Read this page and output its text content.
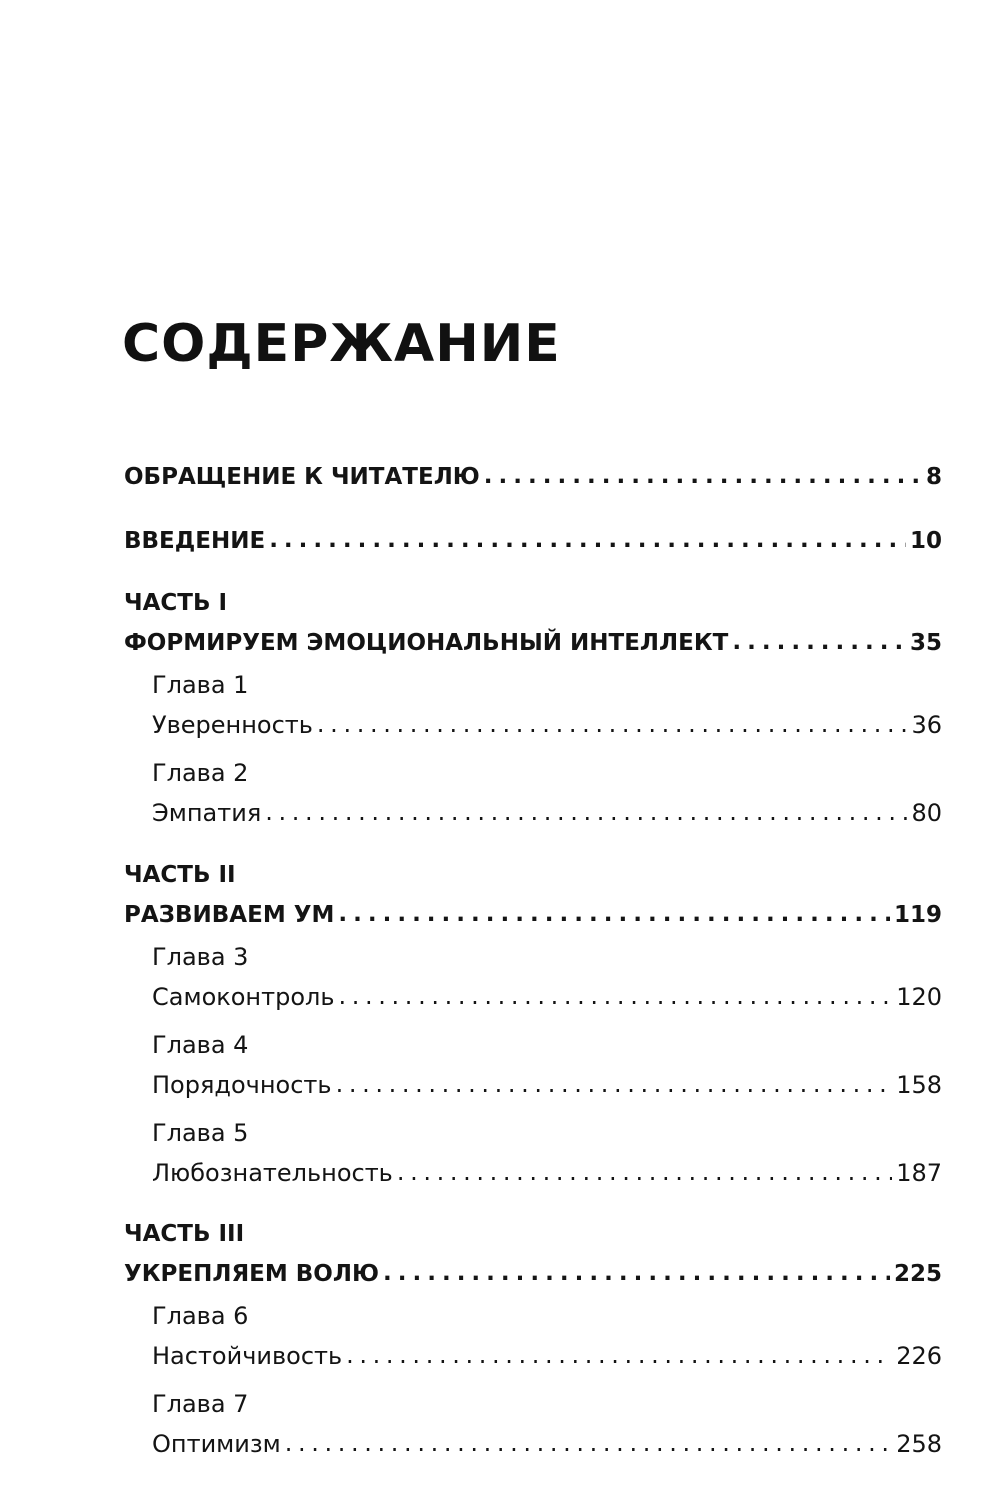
СОДЕРЖАНИЕ
ОБРАЩЕНИЕ К ЧИТАТЕЛЮ . . .	8
ВВЕДЕНИЕ . . .	10
ЧАСТЬ I
ФОРМИРУЕМ ЭМОЦИОНАЛЬНЫЙ ИНТЕЛЛЕКТ . . .	35
Глава 1
Уверенность . . .	36
Глава 2
Эмпатия . . .	80
ЧАСТЬ II
РАЗВИВАЕМ УМ . . .	119
Глава 3
Самоконтроль . . .	120
Глава 4
Порядочность . . .	158
Глава 5
Любознательность . . .	187
ЧАСТЬ III
УКРЕПЛЯЕМ ВОЛЮ . . .	225
Глава 6
Настойчивость . . .	226
Глава 7
Оптимизм . . .	258
